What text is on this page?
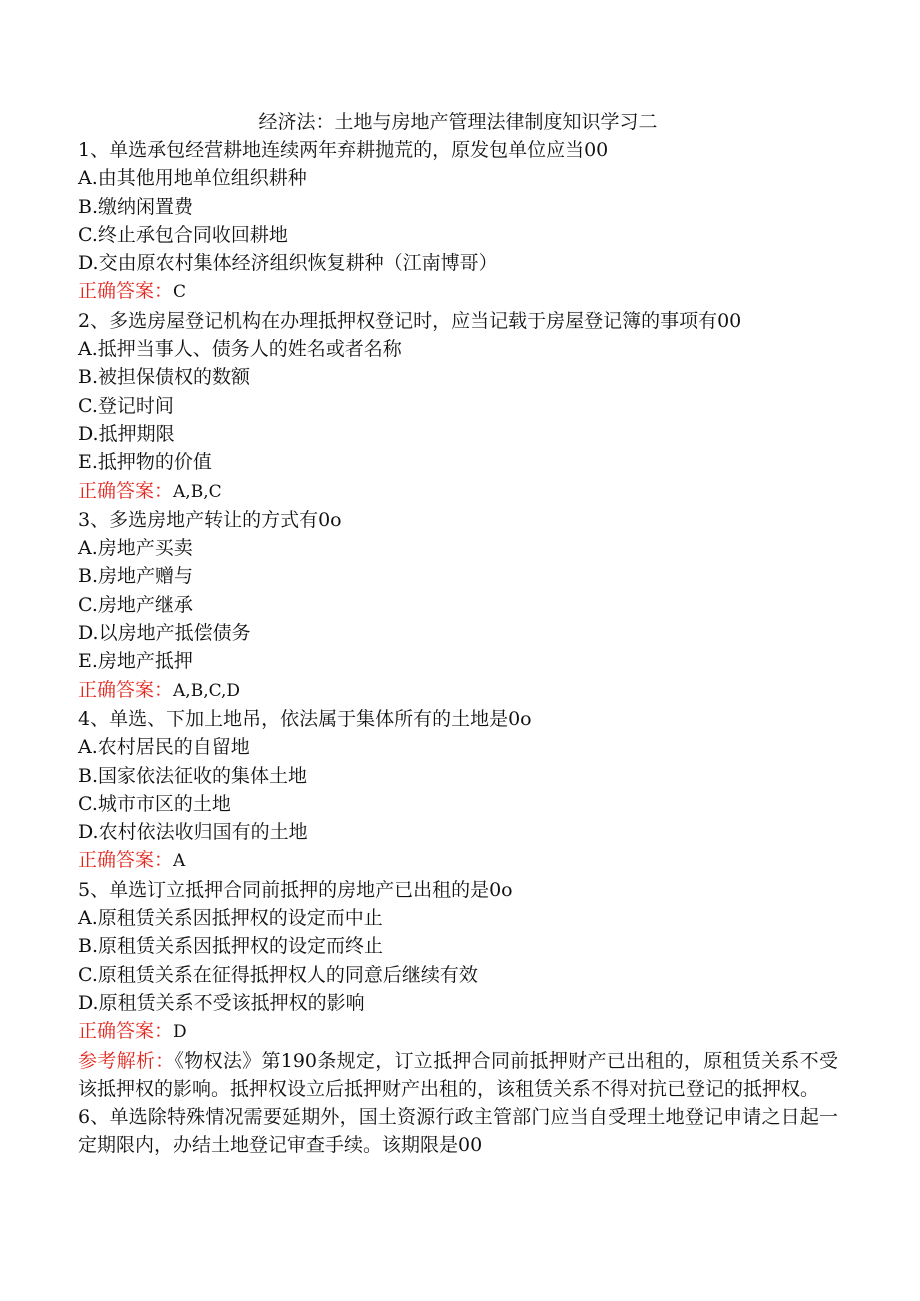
经济法：土地与房地产管理法律制度知识学习二
1、单选承包经营耕地连续两年弃耕抛荒的，原发包单位应当00
A.由其他用地单位组织耕种
B.缴纳闲置费
C.终止承包合同收回耕地
D.交由原农村集体经济组织恢复耕种（江南博哥）
正确答案：C
2、多选房屋登记机构在办理抵押权登记时，应当记载于房屋登记簿的事项有00
A.抵押当事人、债务人的姓名或者名称
B.被担保债权的数额
C.登记时间
D.抵押期限
E.抵押物的价值
正确答案：A,B,C
3、多选房地产转让的方式有0o
A.房地产买卖
B.房地产赠与
C.房地产继承
D.以房地产抵偿债务
E.房地产抵押
正确答案：A,B,C,D
4、单选、下加上地吊，依法属于集体所有的土地是0o
A.农村居民的自留地
B.国家依法征收的集体土地
C.城市市区的土地
D.农村依法收归国有的土地
正确答案：A
5、单选订立抵押合同前抵押的房地产已出租的是0o
A.原租赁关系因抵押权的设定而中止
B.原租赁关系因抵押权的设定而终止
C.原租赁关系在征得抵押权人的同意后继续有效
D.原租赁关系不受该抵押权的影响
正确答案：D
参考解析：《物权法》第190条规定，订立抵押合同前抵押财产已出租的，原租赁关系不受该抵押权的影响。抵押权设立后抵押财产出租的，该租赁关系不得对抗已登记的抵押权。
6、单选除特殊情况需要延期外，国土资源行政主管部门应当自受理土地登记申请之日起一定期限内，办结土地登记审查手续。该期限是00
